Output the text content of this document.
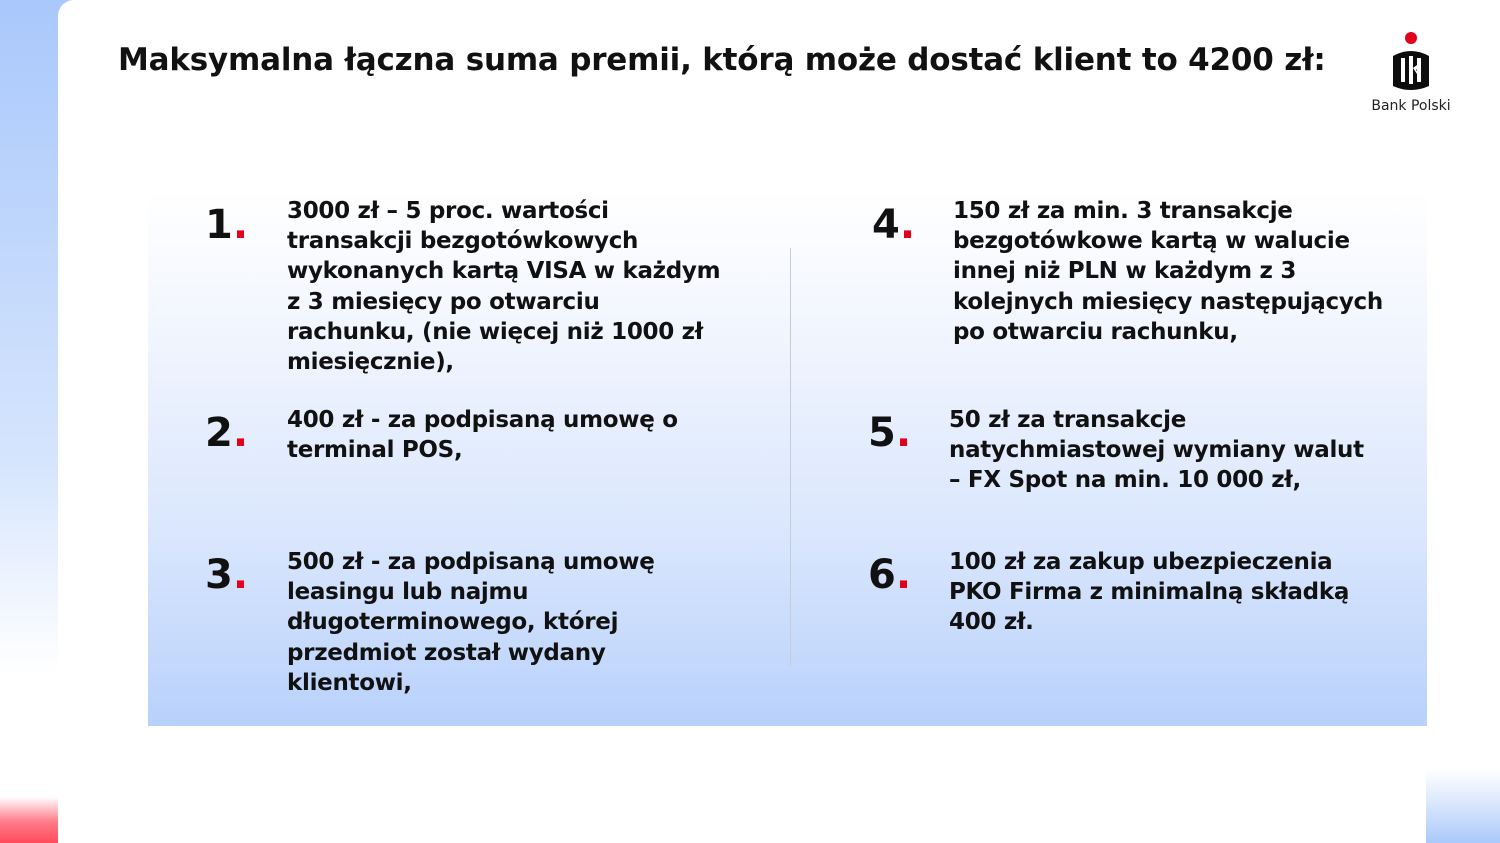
Maksymalna łączna suma premii, którą może dostać klient to 4200 zł:
Bank Polski
1. 3000 zł – 5 proc. wartości
transakcji bezgotówkowych
wykonanych kartą VISA w każdym
z 3 miesięcy po otwarciu
rachunku, (nie więcej niż 1000 zł
miesięcznie),
2. 400 zł - za podpisaną umowę o
terminal POS,
3. 500 zł - za podpisaną umowę
leasingu lub najmu
długoterminowego, której
przedmiot został wydany
klientowi,
4. 150 zł za min. 3 transakcje
bezgotówkowe kartą w walucie
innej niż PLN w każdym z 3
kolejnych miesięcy następujących
po otwarciu rachunku,
5. 50 zł za transakcje
natychmiastowej wymiany walut
– FX Spot na min. 10 000 zł,
6. 100 zł za zakup ubezpieczenia
PKO Firma z minimalną składką
400 zł.
